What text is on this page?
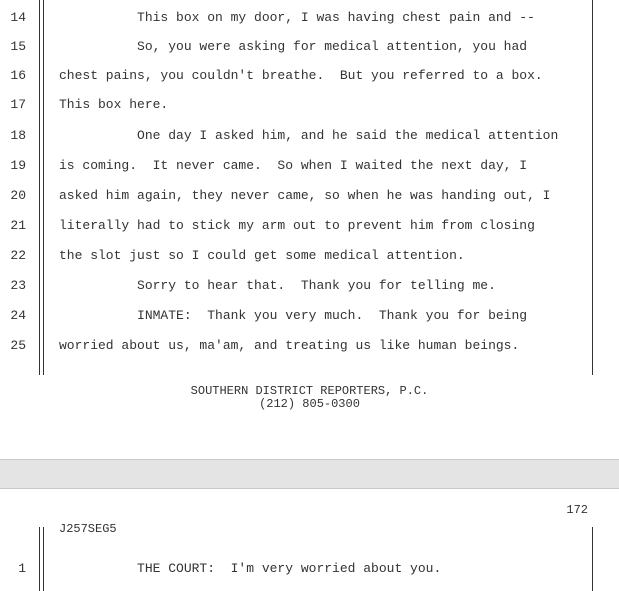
14	This box on my door, I was having chest pain and --
15	So, you were asking for medical attention, you had
16	chest pains, you couldn't breathe.  But you referred to a box.
17	This box here.
18	One day I asked him, and he said the medical attention
19	is coming.  It never came.  So when I waited the next day, I
20	asked him again, they never came, so when he was handing out, I
21	literally had to stick my arm out to prevent him from closing
22	the slot just so I could get some medical attention.
23	Sorry to hear that.  Thank you for telling me.
24	INMATE:  Thank you very much.  Thank you for being
25	worried about us, ma'am, and treating us like human beings.
SOUTHERN DISTRICT REPORTERS, P.C.
(212) 805-0300
172
J257SEG5
1	THE COURT:  I'm very worried about you.
